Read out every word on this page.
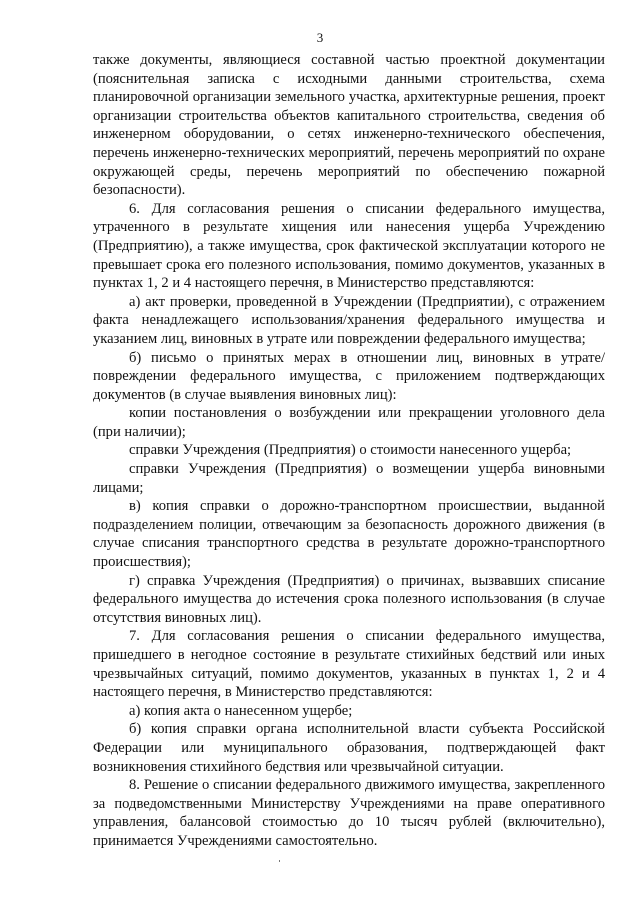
3

также документы, являющиеся составной частью проектной документации (пояснительная записка с исходными данными строительства, схема планировочной организации земельного участка, архитектурные решения, проект организации строительства объектов капитального строительства, сведения об инженерном оборудовании, о сетях инженерно-технического обеспечения, перечень инженерно-технических мероприятий, перечень мероприятий по охране окружающей среды, перечень мероприятий по обеспечению пожарной безопасности).

6. Для согласования решения о списании федерального имущества, утраченного в результате хищения или нанесения ущерба Учреждению (Предприятию), а также имущества, срок фактической эксплуатации которого не превышает срока его полезного использования, помимо документов, указанных в пунктах 1, 2 и 4 настоящего перечня, в Министерство представляются:

а) акт проверки, проведенной в Учреждении (Предприятии), с отражением факта ненадлежащего использования/хранения федерального имущества и указанием лиц, виновных в утрате или повреждении федерального имущества;

б) письмо о принятых мерах в отношении лиц, виновных в утрате/повреждении федерального имущества, с приложением подтверждающих документов (в случае выявления виновных лиц):

копии постановления о возбуждении или прекращении уголовного дела (при наличии);

справки Учреждения (Предприятия) о стоимости нанесенного ущерба;

справки Учреждения (Предприятия) о возмещении ущерба виновными лицами;

в) копия справки о дорожно-транспортном происшествии, выданной подразделением полиции, отвечающим за безопасность дорожного движения (в случае списания транспортного средства в результате дорожно-транспортного происшествия);

г) справка Учреждения (Предприятия) о причинах, вызвавших списание федерального имущества до истечения срока полезного использования (в случае отсутствия виновных лиц).

7. Для согласования решения о списании федерального имущества, пришедшего в негодное состояние в результате стихийных бедствий или иных чрезвычайных ситуаций, помимо документов, указанных в пунктах 1, 2 и 4 настоящего перечня, в Министерство представляются:

а) копия акта о нанесенном ущербе;

б) копия справки органа исполнительной власти субъекта Российской Федерации или муниципального образования, подтверждающей факт возникновения стихийного бедствия или чрезвычайной ситуации.

8. Решение о списании федерального движимого имущества, закрепленного за подведомственными Министерству Учреждениями на праве оперативного управления, балансовой стоимостью до 10 тысяч рублей (включительно), принимается Учреждениями самостоятельно.
